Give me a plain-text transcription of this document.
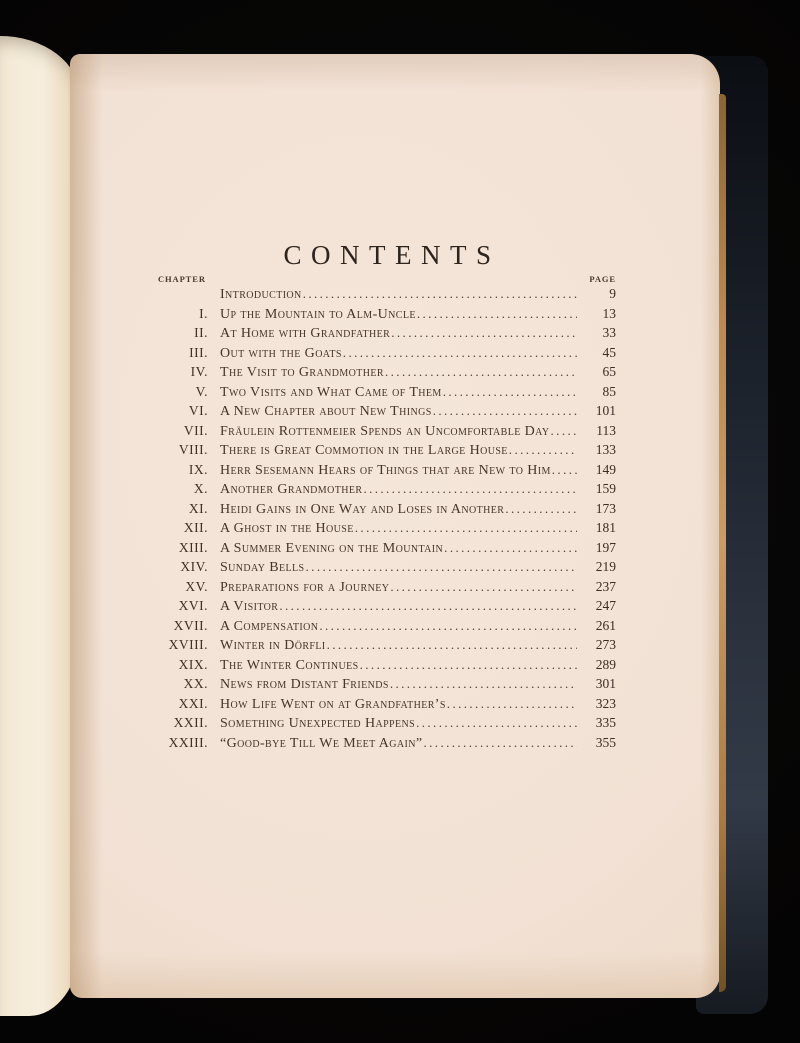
CONTENTS
CHAPTER	PAGE
Introduction .....	9
I. Up the Mountain to Alm-Uncle .....	13
II. At Home with Grandfather .....	33
III. Out with the Goats .....	45
IV. The Visit to Grandmother .....	65
V. Two Visits and What Came of Them .....	85
VI. A New Chapter about New Things .....	101
VII. Fräulein Rottenmeier Spends an Uncomfortable Day .....	113
VIII. There is Great Commotion in the Large House .....	133
IX. Herr Sesemann Hears of Things that are New to Him .....	149
X. Another Grandmother .....	159
XI. Heidi Gains in One Way and Loses in Another .....	173
XII. A Ghost in the House .....	181
XIII. A Summer Evening on the Mountain .....	197
XIV. Sunday Bells .....	219
XV. Preparations for a Journey .....	237
XVI. A Visitor .....	247
XVII. A Compensation .....	261
XVIII. Winter in Dörfli .....	273
XIX. The Winter Continues .....	289
XX. News from Distant Friends .....	301
XXI. How Life Went on at Grandfather’s .....	323
XXII. Something Unexpected Happens .....	335
XXIII. “Good-bye Till We Meet Again” .....	355
